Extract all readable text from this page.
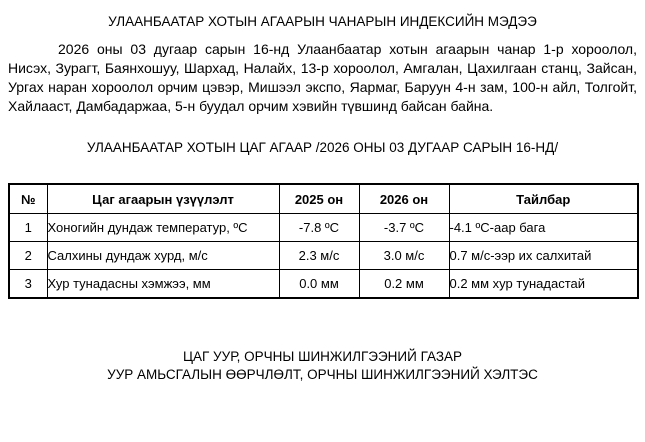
УЛААНБААТАР ХОТЫН АГААРЫН ЧАНАРЫН ИНДЕКСИЙН МЭДЭЭ
2026 оны 03 дугаар сарын 16-нд Улаанбаатар хотын агаарын чанар 1-р хороолол, Нисэх, Зурагт, Баянхошуу, Шархад, Налайх, 13-р хороолол, Амгалан, Цахилгаан станц, Зайсан, Ургах наран хороолол орчим цэвэр, Мишээл экспо, Яармаг, Баруун 4-н зам, 100-н айл, Толгойт, Хайлааст, Дамбадаржаа, 5-н буудал орчим хэвийн түвшинд байсан байна.
УЛААНБААТАР ХОТЫН ЦАГ АГААР /2026 ОНЫ 03 ДУГААР САРЫН 16-НД/
№	Цаг агаарын үзүүлэлт	2025 он	2026 он	Тайлбар
1	Хоногийн дундаж температур, ºС	-7.8 ºС	-3.7 ºС	-4.1 ºС-аар бага
2	Салхины дундаж хурд, м/с	2.3 м/с	3.0 м/с	0.7 м/с-ээр их салхитай
3	Хур тунадасны хэмжээ, мм	0.0 мм	0.2 мм	0.2 мм хур тунадастай
ЦАГ УУР, ОРЧНЫ ШИНЖИЛГЭЭНИЙ ГАЗАР
УУР АМЬСГАЛЫН ӨӨРЧЛӨЛТ, ОРЧНЫ ШИНЖИЛГЭЭНИЙ ХЭЛТЭС
